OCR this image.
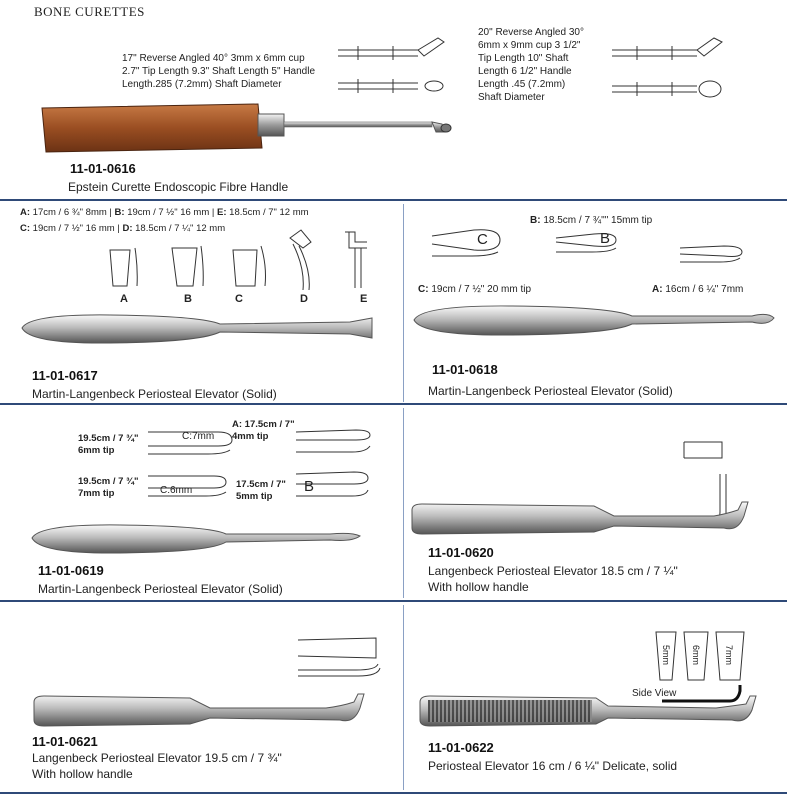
BONE CURETTES
17" Reverse Angled 40° 3mm x 6mm cup
2.7" Tip Length 9.3" Shaft Length 5" Handle
Length.285 (7.2mm) Shaft Diameter
20" Reverse Angled 30°
6mm x 9mm cup 3 1/2"
Tip Length 10" Shaft
Length 6 1/2" Handle
Length .45 (7.2mm)
Shaft Diameter
11-01-0616
Epstein Curette Endoscopic Fibre Handle
A: 17cm / 6 ¾" 8mm | B: 19cm / 7 ½" 16 mm | E: 18.5cm / 7" 12 mm
C: 19cm / 7 ½" 16 mm | D: 18.5cm / 7 ¼" 12 mm
A	B	C	D	E
11-01-0617
Martin-Langenbeck Periosteal Elevator (Solid)
B: 18.5cm / 7 ¾"" 15mm tip
C	B
C: 19cm / 7 ½" 20 mm tip	A: 16cm / 6 ¼" 7mm
11-01-0618
Martin-Langenbeck Periosteal Elevator (Solid)
19.5cm / 7 ¾"
6mm tip
19.5cm / 7 ¾"
7mm tip
A: 17.5cm / 7"
4mm tip
17.5cm / 7"
5mm tip
C:7mm
C:6mm	B
11-01-0619
Martin-Langenbeck Periosteal Elevator (Solid)
11-01-0620
Langenbeck Periosteal Elevator 18.5 cm / 7 ¼"
With hollow handle
11-01-0621
Langenbeck Periosteal Elevator 19.5 cm / 7 ¾"
With hollow handle
5mm 6mm	7mm
Side View
11-01-0622
Periosteal Elevator 16 cm / 6 ¼" Delicate, solid
